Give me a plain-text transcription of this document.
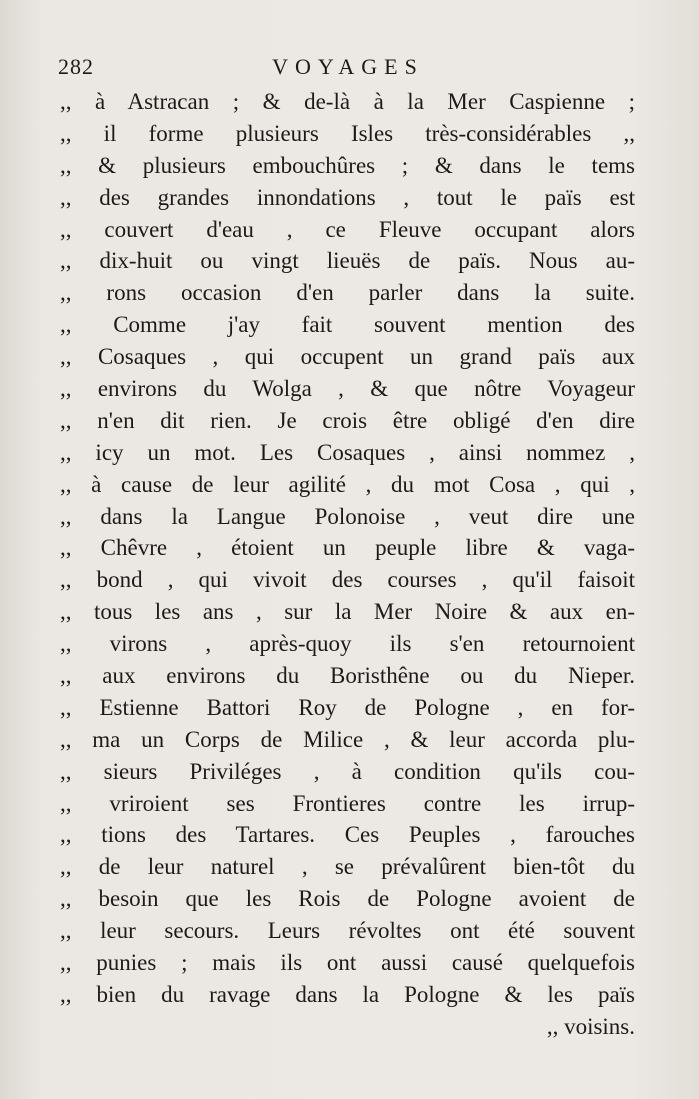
282	VOYAGES
,, à Astracan ; & de-là à la Mer Caspienne ;
,, il forme plusieurs Isles très-considérables ,,
,, & plusieurs embouchûres ; & dans le tems
,, des grandes innondations , tout le païs est
,, couvert d'eau , ce Fleuve occupant alors
,, dix-huit ou vingt lieuës de païs. Nous au-
,, rons occasion d'en parler dans la suite.
,, Comme j'ay fait souvent mention des
,, Cosaques , qui occupent un grand païs aux
,, environs du Wolga , & que nôtre Voyageur
,, n'en dit rien. Je crois être obligé d'en dire
,, icy un mot. Les Cosaques , ainsi nommez ,
,, à cause de leur agilité , du mot Cosa , qui ,
,, dans la Langue Polonoise , veut dire une
,, Chêvre , étoient un peuple libre & vaga-
,, bond , qui vivoit des courses , qu'il faisoit
,, tous les ans , sur la Mer Noire & aux en-
,, virons , après-quoy ils s'en retournoient
,, aux environs du Boristhêne ou du Nieper.
,, Estienne Battori Roy de Pologne , en for-
,, ma un Corps de Milice , & leur accorda plu-
,, sieurs Priviléges , à condition qu'ils cou-
,, vriroient ses Frontieres contre les irrup-
,, tions des Tartares. Ces Peuples , farouches
,, de leur naturel , se prévalûrent bien-tôt du
,, besoin que les Rois de Pologne avoient de
,, leur secours. Leurs révoltes ont été souvent
,, punies ; mais ils ont aussi causé quelquefois
,, bien du ravage dans la Pologne & les païs
,, voisins.
